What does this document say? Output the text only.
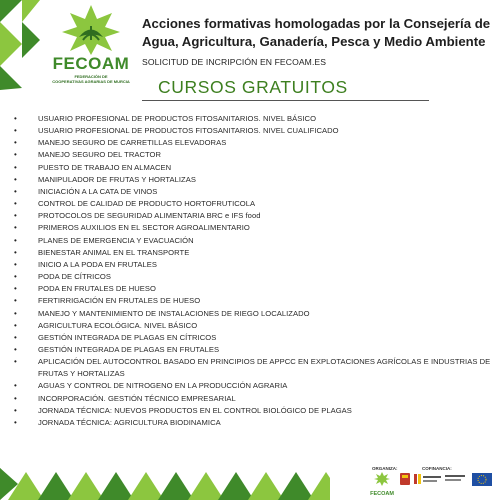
FECOAM
FEDERACIÓN DE
COOPERATIVAS AGRARIAS DE MURCIA
Acciones formativas homologadas por la Consejería de Agua, Agricultura, Ganadería, Pesca y Medio Ambiente
SOLICITUD DE INCRIPCIÓN EN FECOAM.ES
CURSOS GRATUITOS
• USUARIO PROFESIONAL DE PRODUCTOS FITOSANITARIOS. NIVEL BÁSICO
• USUARIO PROFESIONAL DE PRODUCTOS FITOSANITARIOS. NIVEL CUALIFICADO
• MANEJO SEGURO DE CARRETILLAS ELEVADORAS
• MANEJO SEGURO DEL TRACTOR
• PUESTO DE TRABAJO EN ALMACEN
• MANIPULADOR DE FRUTAS Y HORTALIZAS
• INICIACIÓN A LA CATA DE VINOS
• CONTROL DE CALIDAD DE PRODUCTO HORTOFRUTICOLA
• PROTOCOLOS DE SEGURIDAD ALIMENTARIA BRC e IFS food
• PRIMEROS AUXILIOS EN EL SECTOR AGROALIMENTARIO
• PLANES DE EMERGENCIA Y EVACUACIÓN
• BIENESTAR ANIMAL EN EL TRANSPORTE
• INICIO A LA PODA EN FRUTALES
• PODA DE CÍTRICOS
• PODA EN FRUTALES DE HUESO
• FERTIRRIGACIÓN EN FRUTALES DE HUESO
• MANEJO Y MANTENIMIENTO DE INSTALACIONES DE RIEGO LOCALIZADO
• AGRICULTURA ECOLÓGICA. NIVEL BÁSICO
• GESTIÓN INTEGRADA DE PLAGAS EN CÍTRICOS
• GESTIÓN INTEGRADA DE PLAGAS EN FRUTALES
• APLICACIÓN DEL AUTOCONTROL BASADO EN PRINCIPIOS DE APPCC EN EXPLOTACIONES AGRÍCOLAS E INDUSTRIAS DE FRUTAS Y HORTALIZAS
• AGUAS Y CONTROL DE NITROGENO EN LA PRODUCCIÓN AGRARIA
• INCORPORACIÓN. GESTIÓN TÉCNICO EMPRESARIAL
• JORNADA TÉCNICA: NUEVOS PRODUCTOS EN EL CONTROL BIOLÓGICO DE PLAGAS
• JORNADA TÉCNICA: AGRICULTURA BIODINAMICA
ORGANIZA:	COFINANCIA:
FECOAM
